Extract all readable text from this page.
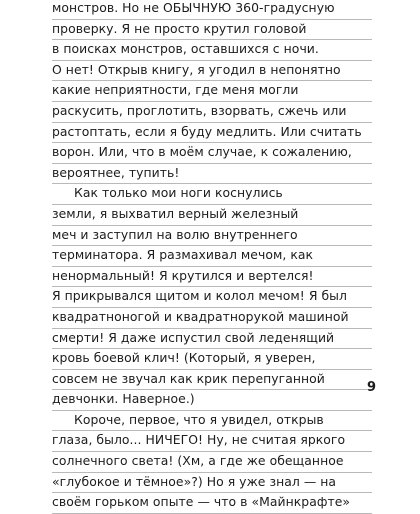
монстров. Но не ОБЫЧНУЮ 360-градусную
проверку. Я не просто крутил головой
в поисках монстров, оставшихся с ночи.
О нет! Открыв книгу, я угодил в непонятно
какие неприятности, где меня могли
раскусить, проглотить, взорвать, сжечь или
растоптать, если я буду медлить. Или считать
ворон. Или, что в моём случае, к сожалению,
вероятнее, тупить!
Как только мои ноги коснулись
земли, я выхватил верный железный
меч и заступил на волю внутреннего
терминатора. Я размахивал мечом, как
ненормальный! Я крутился и вертелся!
Я прикрывался щитом и колол мечом! Я был
квадратноногой и квадратнорукой машиной
смерти! Я даже испустил свой леденящий
кровь боевой клич! (Который, я уверен,
совсем не звучал как крик перепуганной
девчонки. Наверное.)
Короче, первое, что я увидел, открыв
глаза, было... НИЧЕГО! Ну, не считая яркого
солнечного света! (Хм, а где же обещанное
«глубокое и тёмное»?) Но я уже знал — на
своём горьком опыте — что в «Майнкрафте»
9
